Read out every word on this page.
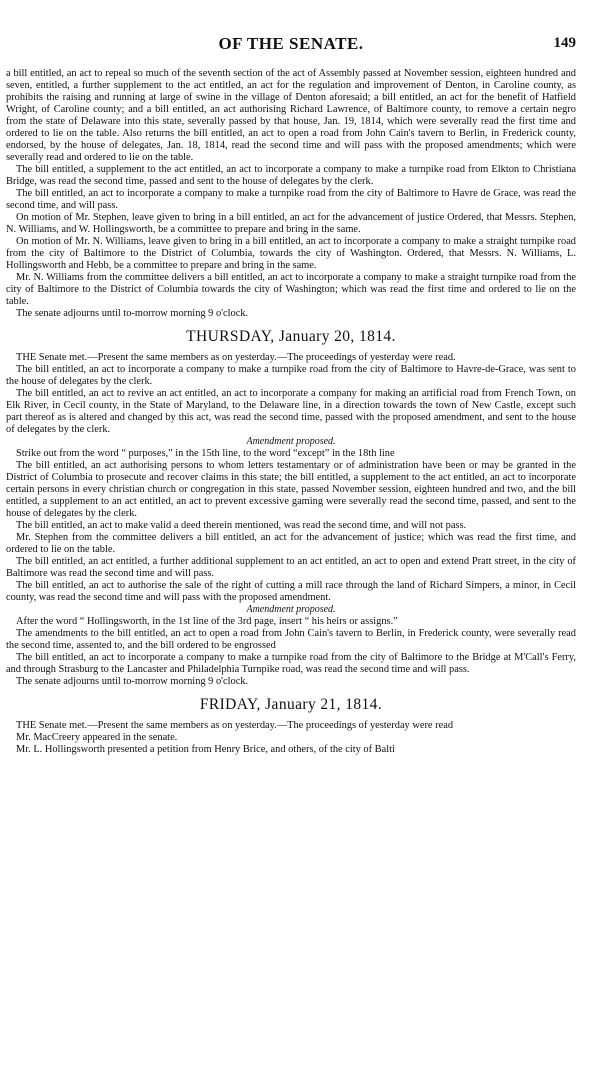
OF THE SENATE.	149

a bill entitled, an act to repeal so much of the seventh section of the act of Assembly passed at November session, eighteen hundred and seven, entitled, a further supplement to the act entitled, an act for the regulation and improvement of Denton, in Caroline county, as prohibits the raising and running at large of swine in the village of Denton aforesaid; a bill entitled, an act for the benefit of Hatfield Wright, of Caroline county; and a bill entitled, an act authorising Richard Lawrence, of Baltimore county, to remove a certain negro from the state of Delaware into this state, severally passed by that house, Jan. 19, 1814, which were severally read the first time and ordered to lie on the table. Also returns the bill entitled, an act to open a road from John Cain's tavern to Berlin, in Frederick county, endorsed, by the house of delegates, Jan. 18, 1814, read the second time and will pass with the proposed amendments; which were severally read and ordered to lie on the table.

The bill entitled, a supplement to the act entitled, an act to incorporate a company to make a turnpike road from Elkton to Christiana Bridge, was read the second time, passed and sent to the house of delegates by the clerk.

The bill entitled, an act to incorporate a company to make a turnpike road from the city of Baltimore to Havre de Grace, was read the second time, and will pass.

On motion of Mr. Stephen, leave given to bring in a bill entitled, an act for the advancement of justice Ordered, that Messrs. Stephen, N. Williams, and W. Hollingsworth, be a committee to prepare and bring in the same.

On motion of Mr. N. Williams, leave given to bring in a bill entitled, an act to incorporate a company to make a straight turnpike road from the city of Baltimore to the District of Columbia, towards the city of Washington. Ordered, that Messrs. N. Williams, L. Hollingsworth and Hebb, be a committee to prepare and bring in the same.

Mr. N. Williams from the committee delivers a bill entitled, an act to incorporate a company to make a straight turnpike road from the city of Baltimore to the District of Columbia towards the city of Washington; which was read the first time and ordered to lie on the table.

The senate adjourns until to-morrow morning 9 o'clock.

THURSDAY, January 20, 1814.

THE Senate met.—Present the same members as on yesterday.—The proceedings of yesterday were read.

The bill entitled, an act to incorporate a company to make a turnpike road from the city of Baltimore to Havre-de-Grace, was sent to the house of delegates by the clerk.

The bill entitled, an act to revive an act entitled, an act to incorporate a company for making an artificial road from French Town, on Elk River, in Cecil county, in the State of Maryland, to the Delaware line, in a direction towards the town of New Castle, except such part thereof as is altered and changed by this act, was read the second time, passed with the proposed amendment, and sent to the house of delegates by the clerk.

Amendment proposed.

Strike out from the word “ purposes,” in the 15th line, to the word “except” in the 18th line

The bill entitled, an act authorising persons to whom letters testamentary or of administration have been or may be granted in the District of Columbia to prosecute and recover claims in this state; the bill entitled, a supplement to the act entitled, an act to incorporate certain persons in every christian church or congregation in this state, passed November session, eighteen hundred and two, and the bill entitled, a supplement to an act entitled, an act to prevent excessive gaming were severally read the second time, passed, and sent to the house of delegates by the clerk.

The bill entitled, an act to make valid a deed therein mentioned, was read the second time, and will not pass.

Mr. Stephen from the committee delivers a bill entitled, an act for the advancement of justice; which was read the first time, and ordered to lie on the table.

The bill entitled, an act entitled, a further additional supplement to an act entitled, an act to open and extend Pratt street, in the city of Baltimore was read the second time and will pass.

The bill entitled, an act to authorise the sale of the right of cutting a mill race through the land of Richard Simpers, a minor, in Cecil county, was read the second time and will pass with the proposed amendment.

Amendment proposed.

After the word “ Hollingsworth, in the 1st line of the 3rd page, insert “ his heirs or assigns.”

The amendments to the bill entitled, an act to open a road from John Cain's tavern to Berlin, in Frederick county, were severally read the second time, assented to, and the bill ordered to be engrossed

The bill entitled, an act to incorporate a company to make a turnpike road from the city of Baltimore to the Bridge at M'Call's Ferry, and through Strasburg to the Lancaster and Philadelphia Turnpike road, was read the second time and will pass.

The senate adjourns until to-morrow morning 9 o'clock.

FRIDAY, January 21, 1814.

THE Senate met.—Present the same members as on yesterday.—The proceedings of yesterday were read

Mr. MacCreery appeared in the senate.

Mr. L. Hollingsworth presented a petition from Henry Brice, and others, of the city of Balti
